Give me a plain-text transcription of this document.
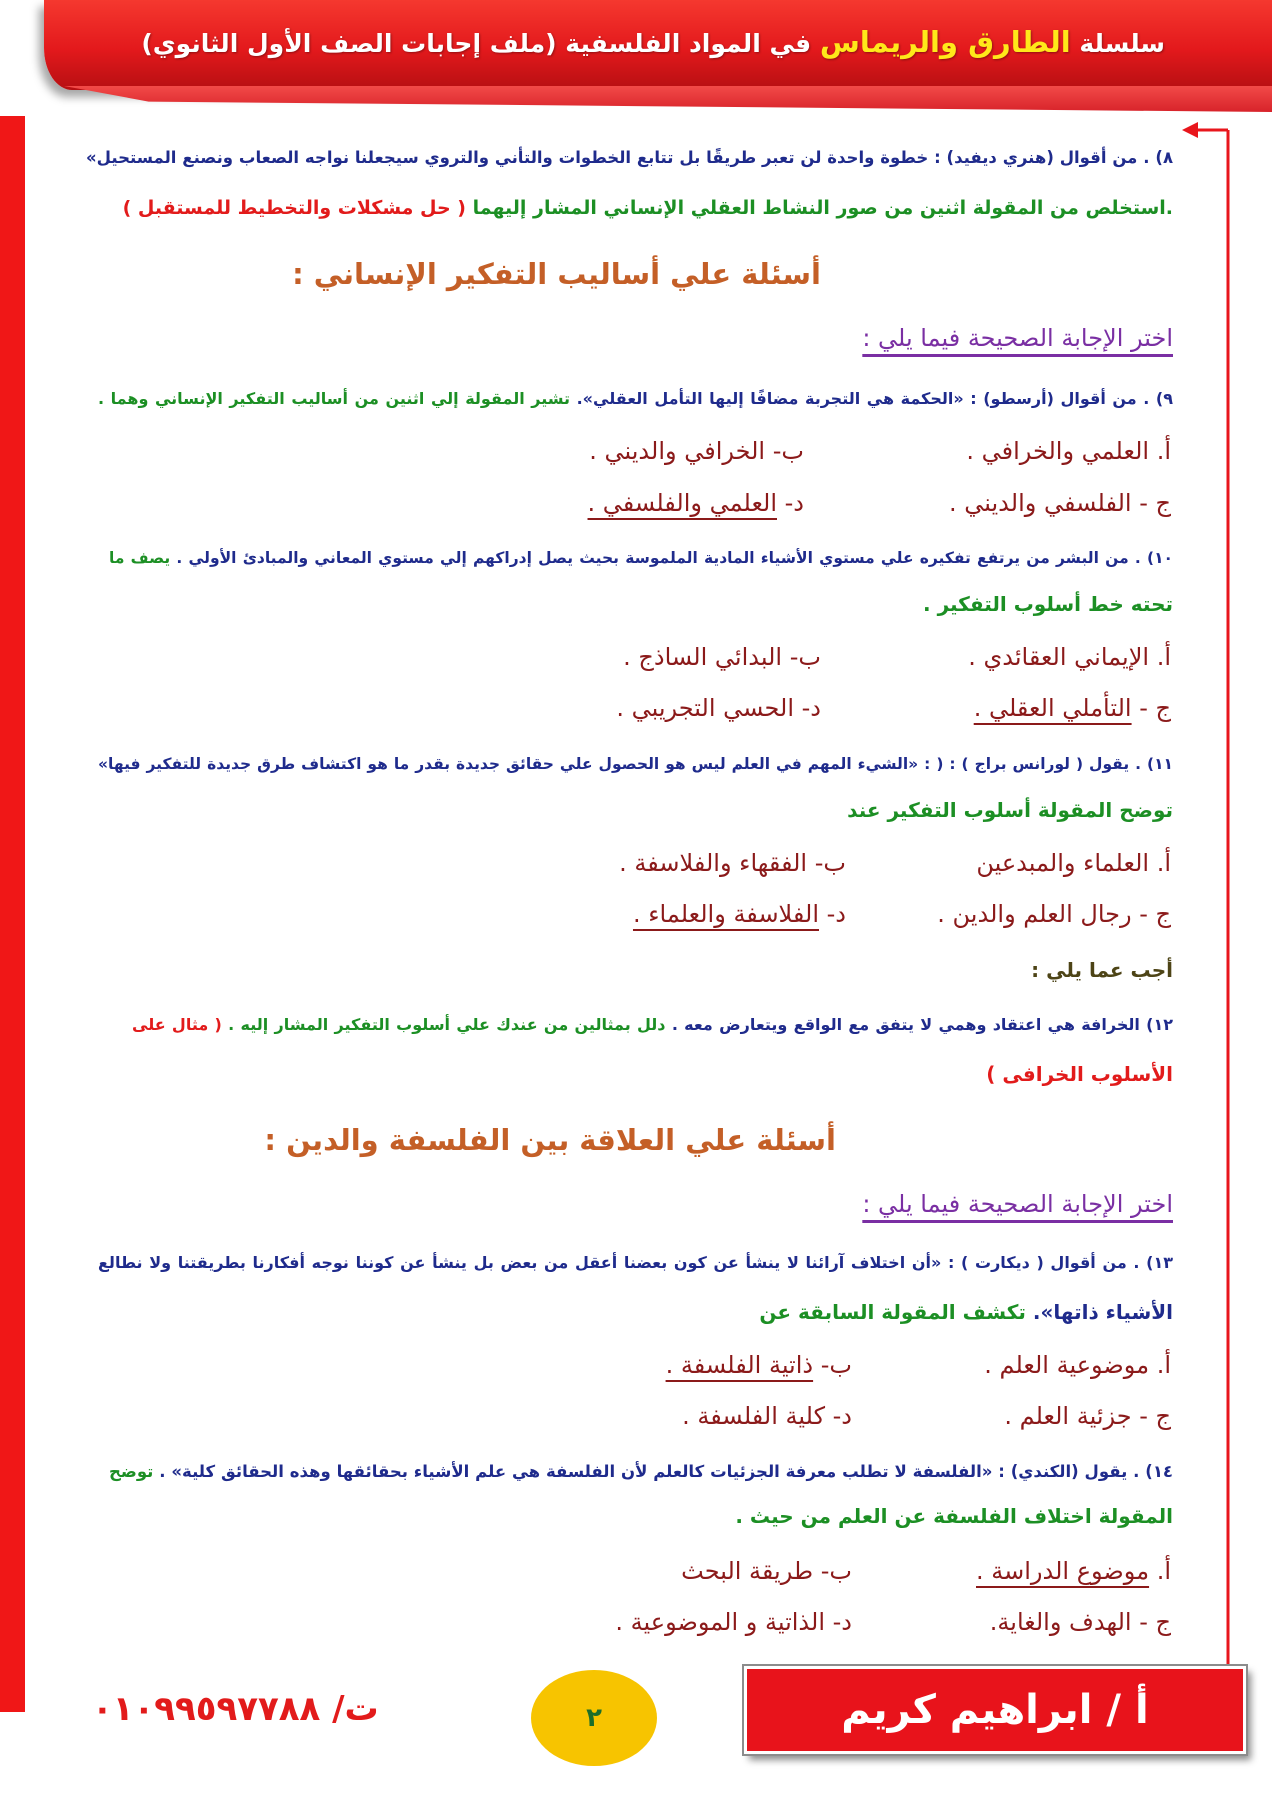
سلسلة الطارق والريماس في المواد الفلسفية (ملف إجابات الصف الأول الثانوي)
٨) . من أقوال (هنري ديفيد) : خطوة واحدة لن تعبر طريقًا بل تتابع الخطوات والتأني والتروي سيجعلنا نواجه الصعاب ونصنع المستحيل»
.استخلص من المقولة اثنين من صور النشاط العقلي الإنساني المشار إليهما ( حل مشكلات والتخطيط للمستقبل )
أسئلة علي أساليب التفكير الإنساني :
اختر الإجابة الصحيحة فيما يلي :
٩) . من أقوال (أرسطو) : «الحكمة هي التجربة مضافًا إليها التأمل العقلي». تشير المقولة إلي اثنين من أساليب التفكير الإنساني وهما .
أ. العلمي والخرافي .
ب- الخرافي والديني .
ج - الفلسفي والديني .
د- العلمي والفلسفي .
١٠) . من البشر من يرتفع تفكيره علي مستوي الأشياء المادية الملموسة بحيث يصل إدراكهم إلي مستوي المعاني والمبادئ الأولي . يصف ما
تحته خط أسلوب التفكير .
أ. الإيماني العقائدي .
ب- البدائي الساذج .
ج - التأملي العقلي .
د- الحسي التجريبي .
١١) . يقول ( لورانس براج ) : ( : «الشيء المهم في العلم ليس هو الحصول علي حقائق جديدة بقدر ما هو اكتشاف طرق جديدة للتفكير فيها»
توضح المقولة أسلوب التفكير عند
أ. العلماء والمبدعين
ب- الفقهاء والفلاسفة .
ج - رجال العلم والدين .
د- الفلاسفة والعلماء .
أجب عما يلي :
١٢) الخرافة هي اعتقاد وهمي لا يتفق مع الواقع ويتعارض معه . دلل بمثالين من عندك علي أسلوب التفكير المشار إليه . ( مثال على
الأسلوب الخرافى )
أسئلة علي العلاقة بين الفلسفة والدين :
اختر الإجابة الصحيحة فيما يلي :
١٣) . من أقوال ( ديكارت ) : «أن اختلاف آرائنا لا ينشأ عن كون بعضنا أعقل من بعض بل ينشأ عن كوننا نوجه أفكارنا بطريقتنا ولا نطالع
الأشياء ذاتها». تكشف المقولة السابقة عن
أ. موضوعية العلم .
ب- ذاتية الفلسفة .
ج - جزئية العلم .
د- كلية الفلسفة .
١٤) . يقول (الكندي) : «الفلسفة لا تطلب معرفة الجزئيات كالعلم لأن الفلسفة هي علم الأشياء بحقائقها وهذه الحقائق كلية» . توضح
المقولة اختلاف الفلسفة عن العلم من حيث .
أ. موضوع الدراسة .
ب- طريقة البحث
ج - الهدف والغاية.
د- الذاتية و الموضوعية .
أ / ابراهيم كريم
٢
ت/ ٠١٠٩٩٥٩٧٧٨٨
